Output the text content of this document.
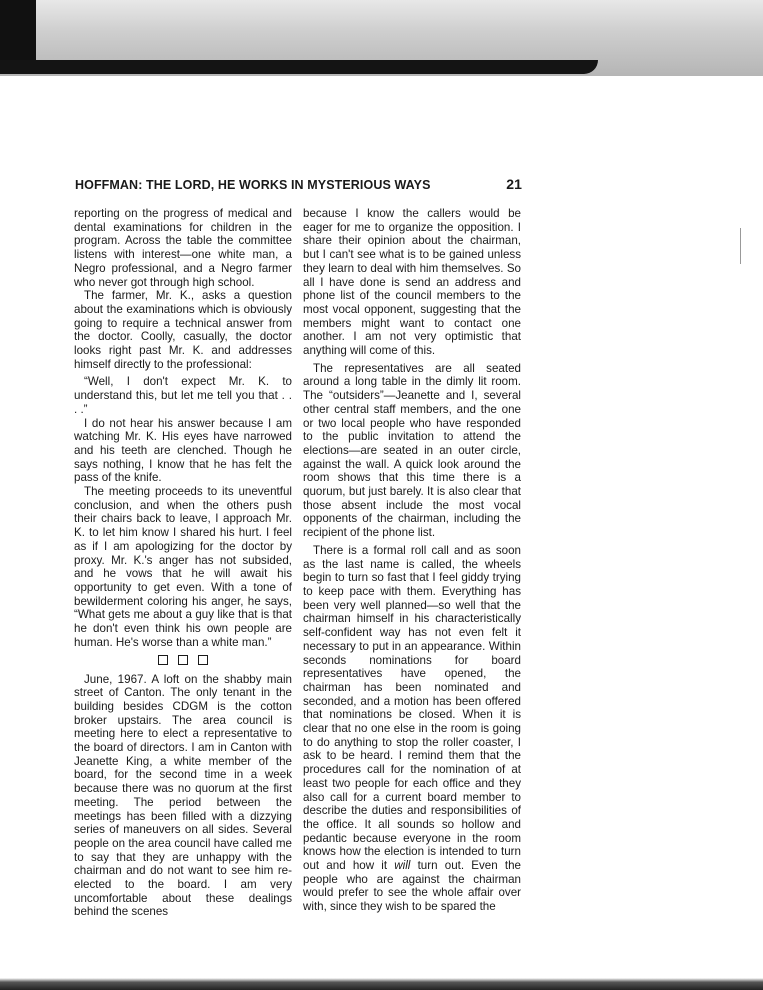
HOFFMAN: THE LORD, HE WORKS IN MYSTERIOUS WAYS	21

reporting on the progress of medical and dental examinations for children in the program. Across the table the committee listens with interest—one white man, a Negro professional, and a Negro farmer who never got through high school.

The farmer, Mr. K., asks a question about the examinations which is obviously going to require a technical answer from the doctor. Coolly, casually, the doctor looks right past Mr. K. and addresses himself directly to the professional:

“Well, I don't expect Mr. K. to understand this, but let me tell you that . . . .”

I do not hear his answer because I am watching Mr. K. His eyes have narrowed and his teeth are clenched. Though he says nothing, I know that he has felt the pass of the knife.

The meeting proceeds to its uneventful conclusion, and when the others push their chairs back to leave, I approach Mr. K. to let him know I shared his hurt. I feel as if I am apologizing for the doctor by proxy. Mr. K.'s anger has not subsided, and he vows that he will await his opportunity to get even. With a tone of bewilderment coloring his anger, he says, “What gets me about a guy like that is that he don't even think his own people are human. He's worse than a white man.”

June, 1967. A loft on the shabby main street of Canton. The only tenant in the building besides CDGM is the cotton broker upstairs. The area council is meeting here to elect a representative to the board of directors. I am in Canton with Jeanette King, a white member of the board, for the second time in a week because there was no quorum at the first meeting. The period between the meetings has been filled with a dizzying series of maneuvers on all sides. Several people on the area council have called me to say that they are unhappy with the chairman and do not want to see him re-elected to the board. I am very uncomfortable about these dealings behind the scenes

because I know the callers would be eager for me to organize the opposition. I share their opinion about the chairman, but I can't see what is to be gained unless they learn to deal with him themselves. So all I have done is send an address and phone list of the council members to the most vocal opponent, suggesting that the members might want to contact one another. I am not very optimistic that anything will come of this.

The representatives are all seated around a long table in the dimly lit room. The “outsiders”—Jeanette and I, several other central staff members, and the one or two local people who have responded to the public invitation to attend the elections—are seated in an outer circle, against the wall. A quick look around the room shows that this time there is a quorum, but just barely. It is also clear that those absent include the most vocal opponents of the chairman, including the recipient of the phone list.

There is a formal roll call and as soon as the last name is called, the wheels begin to turn so fast that I feel giddy trying to keep pace with them. Everything has been very well planned—so well that the chairman himself in his characteristically self-confident way has not even felt it necessary to put in an appearance. Within seconds nominations for board representatives have opened, the chairman has been nominated and seconded, and a motion has been offered that nominations be closed. When it is clear that no one else in the room is going to do anything to stop the roller coaster, I ask to be heard. I remind them that the procedures call for the nomination of at least two people for each office and they also call for a current board member to describe the duties and responsibilities of the office. It all sounds so hollow and pedantic because everyone in the room knows how the election is intended to turn out and how it will turn out. Even the people who are against the chairman would prefer to see the whole affair over with, since they wish to be spared the
